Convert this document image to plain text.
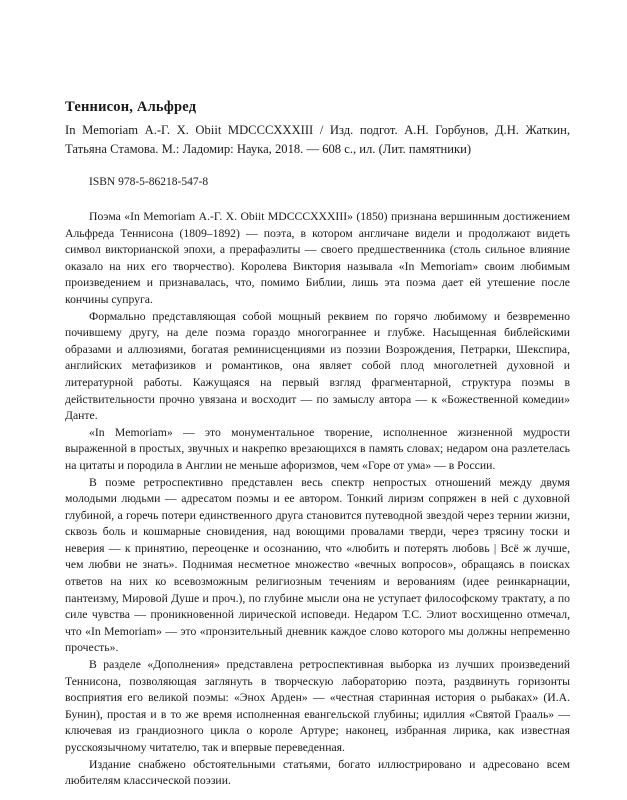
Теннисон, Альфред
In Memoriam А.-Г. Х. Obiit MDCCCXXXIII / Изд. подгот. А.Н. Горбунов, Д.Н. Жаткин, Татьяна Стамова. М.: Ладомир: Наука, 2018. — 608 с., ил. (Лит. памятники)
ISBN 978-5-86218-547-8

Поэма «In Memoriam А.-Г. Х. Obiit MDCCCXXXIII» (1850) признана вершинным достижением Альфреда Теннисона (1809–1892) — поэта, в котором англичане видели и продолжают видеть символ викторианской эпохи, а прерафаэлиты — своего предшественника (столь сильное влияние оказало на них его творчество). Королева Виктория называла «In Memoriam» своим любимым произведением и признавалась, что, помимо Библии, лишь эта поэма дает ей утешение после кончины супруга.

Формально представляющая собой мощный реквием по горячо любимому и безвременно почившему другу, на деле поэма гораздо многограннее и глубже. Насыщенная библейскими образами и аллюзиями, богатая реминисценциями из поэзии Возрождения, Петрарки, Шекспира, английских метафизиков и романтиков, она являет собой плод многолетней духовной и литературной работы. Кажущаяся на первый взгляд фрагментарной, структура поэмы в действительности прочно увязана и восходит — по замыслу автора — к «Божественной комедии» Данте.

«In Memoriam» — это монументальное творение, исполненное жизненной мудрости выраженной в простых, звучных и накрепко врезающихся в память словах; недаром она разлетелась на цитаты и породила в Англии не меньше афоризмов, чем «Горе от ума» — в России.

В поэме ретроспективно представлен весь спектр непростых отношений между двумя молодыми людьми — адресатом поэмы и ее автором. Тонкий лиризм сопряжен в ней с духовной глубиной, а горечь потери единственного друга становится путеводной звездой через тернии жизни, сквозь боль и кошмарные сновидения, над воющими провалами тверди, через трясину тоски и неверия — к принятию, переоценке и осознанию, что «любить и потерять любовь | Всё ж лучше, чем любви не знать». Поднимая несметное множество «вечных вопросов», обращаясь в поисках ответов на них ко всевозможным религиозным течениям и верованиям (идее реинкарнации, пантеизму, Мировой Душе и проч.), по глубине мысли она не уступает философскому трактату, а по силе чувства — проникновенной лирической исповеди. Недаром Т.С. Элиот восхищенно отмечал, что «In Memoriam» — это «пронзительный дневник каждое слово которого мы должны непременно прочесть».

В разделе «Дополнения» представлена ретроспективная выборка из лучших произведений Теннисона, позволяющая заглянуть в творческую лабораторию поэта, раздвинуть горизонты восприятия его великой поэмы: «Энох Арден» — «честная старинная история о рыбаках» (И.А. Бунин), простая и в то же время исполненная евангельской глубины; идиллия «Святой Грааль» — ключевая из грандиозного цикла о короле Артуре; наконец, избранная лирика, как известная русскоязычному читателю, так и впервые переведенная.

Издание снабжено обстоятельными статьями, богато иллюстрировано и адресовано всем любителям классической поэзии.
